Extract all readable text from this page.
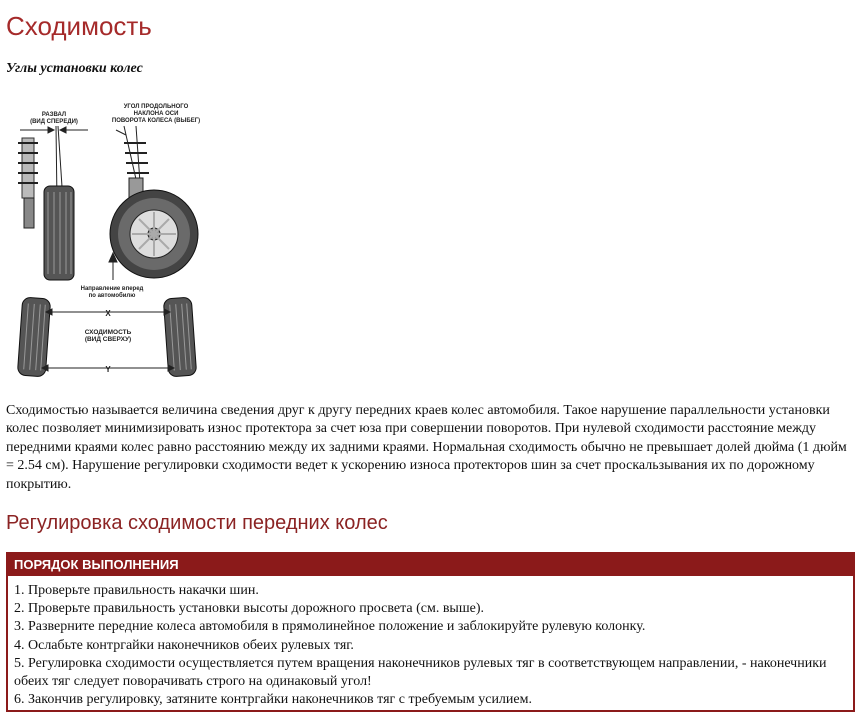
Сходимость
Углы установки колес
РАЗВАЛ
(ВИД СПЕРЕДИ)
УГОЛ ПРОДОЛЬНОГО
НАКЛОНА ОСИ
ПОВОРОТА КОЛЕСА (ВЫБЕГ)
Направление вперед
по автомобилю
X
СХОДИМОСТЬ
(ВИД СВЕРХУ)
Y

Сходимостью называется величина сведения друг к другу передних краев колес автомобиля. Такое нарушение параллельности установки колес позволяет минимизировать износ протектора за счет юза при совершении поворотов. При нулевой сходимости расстояние между передними краями колес равно расстоянию между их задними краями. Нормальная сходимость обычно не превышает долей дюйма (1 дюйм = 2.54 см). Нарушение регулировки сходимости ведет к ускорению износа протекторов шин за счет проскальзывания их по дорожному покрытию.

Регулировка сходимости передних колес
ПОРЯДОК ВЫПОЛНЕНИЯ
1. Проверьте правильность накачки шин.
2. Проверьте правильность установки высоты дорожного просвета (см. выше).
3. Разверните передние колеса автомобиля в прямолинейное положение и заблокируйте рулевую колонку.
4. Ослабьте контргайки наконечников обеих рулевых тяг.
5. Регулировка сходимости осуществляется путем вращения наконечников рулевых тяг в соответствующем направлении, - наконечники обеих тяг следует поворачивать строго на одинаковый угол!
6. Закончив регулировку, затяните контргайки наконечников тяг с требуемым усилием.
